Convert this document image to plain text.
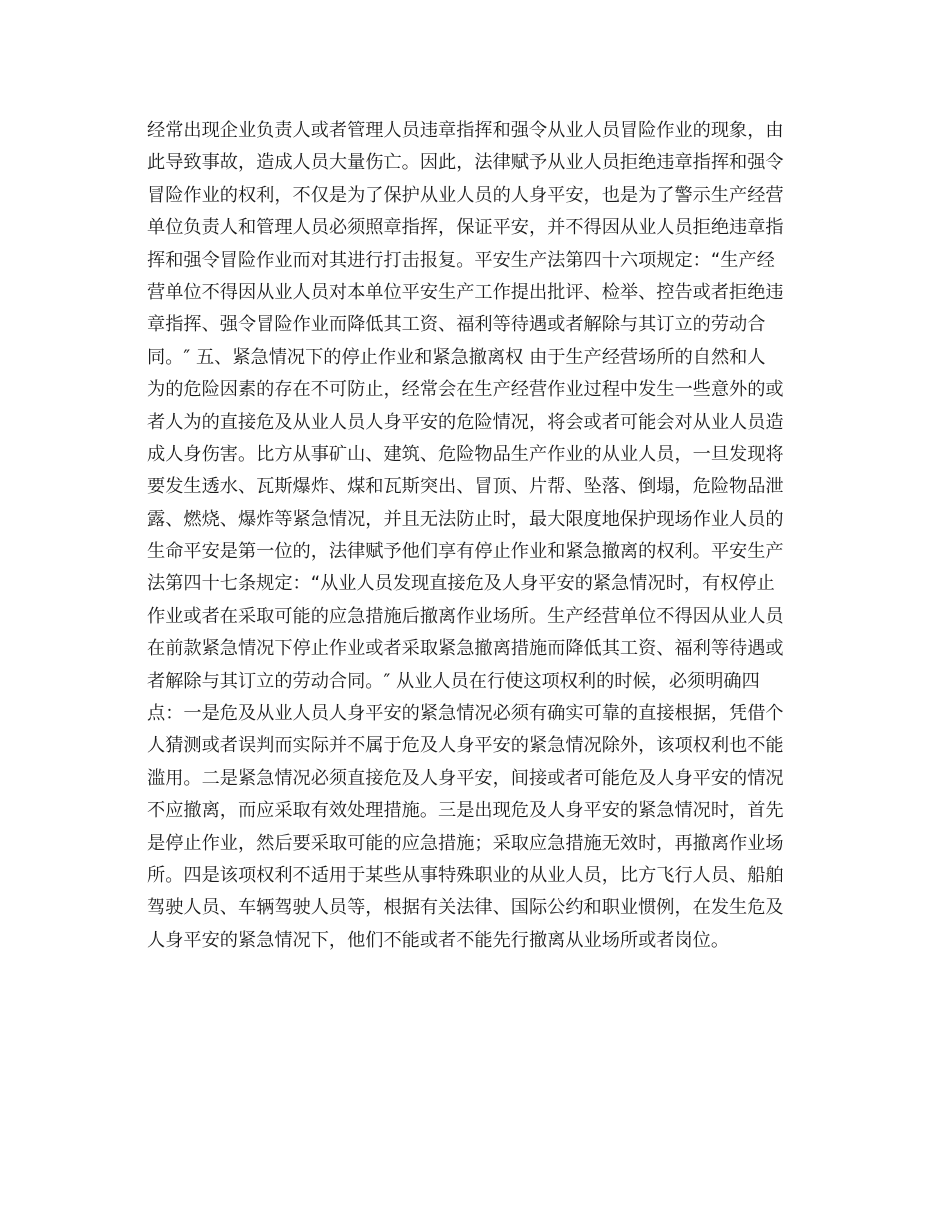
经常出现企业负责人或者管理人员违章指挥和强令从业人员冒险作业的现象，由
此导致事故，造成人员大量伤亡。因此，法律赋予从业人员拒绝违章指挥和强令
冒险作业的权利，不仅是为了保护从业人员的人身平安，也是为了警示生产经营
单位负责人和管理人员必须照章指挥，保证平安，并不得因从业人员拒绝违章指
挥和强令冒险作业而对其进行打击报复。平安生产法第四十六项规定：“生产经
营单位不得因从业人员对本单位平安生产工作提出批评、检举、控告或者拒绝违
章指挥、强令冒险作业而降低其工资、福利等待遇或者解除与其订立的劳动合
同。″ 五、紧急情况下的停止作业和紧急撤离权 由于生产经营场所的自然和人
为的危险因素的存在不可防止，经常会在生产经营作业过程中发生一些意外的或
者人为的直接危及从业人员人身平安的危险情况，将会或者可能会对从业人员造
成人身伤害。比方从事矿山、建筑、危险物品生产作业的从业人员，一旦发现将
要发生透水、瓦斯爆炸、煤和瓦斯突出、冒顶、片帮、坠落、倒塌，危险物品泄
露、燃烧、爆炸等紧急情况，并且无法防止时，最大限度地保护现场作业人员的
生命平安是第一位的，法律赋予他们享有停止作业和紧急撤离的权利。平安生产
法第四十七条规定：“从业人员发现直接危及人身平安的紧急情况时，有权停止
作业或者在采取可能的应急措施后撤离作业场所。生产经营单位不得因从业人员
在前款紧急情况下停止作业或者采取紧急撤离措施而降低其工资、福利等待遇或
者解除与其订立的劳动合同。″ 从业人员在行使这项权利的时候，必须明确四
点：一是危及从业人员人身平安的紧急情况必须有确实可靠的直接根据，凭借个
人猜测或者误判而实际并不属于危及人身平安的紧急情况除外，该项权利也不能
滥用。二是紧急情况必须直接危及人身平安，间接或者可能危及人身平安的情况
不应撤离，而应采取有效处理措施。三是出现危及人身平安的紧急情况时，首先
是停止作业，然后要采取可能的应急措施；采取应急措施无效时，再撤离作业场
所。四是该项权利不适用于某些从事特殊职业的从业人员，比方飞行人员、船舶
驾驶人员、车辆驾驶人员等，根据有关法律、国际公约和职业惯例，在发生危及
人身平安的紧急情况下，他们不能或者不能先行撤离从业场所或者岗位。
